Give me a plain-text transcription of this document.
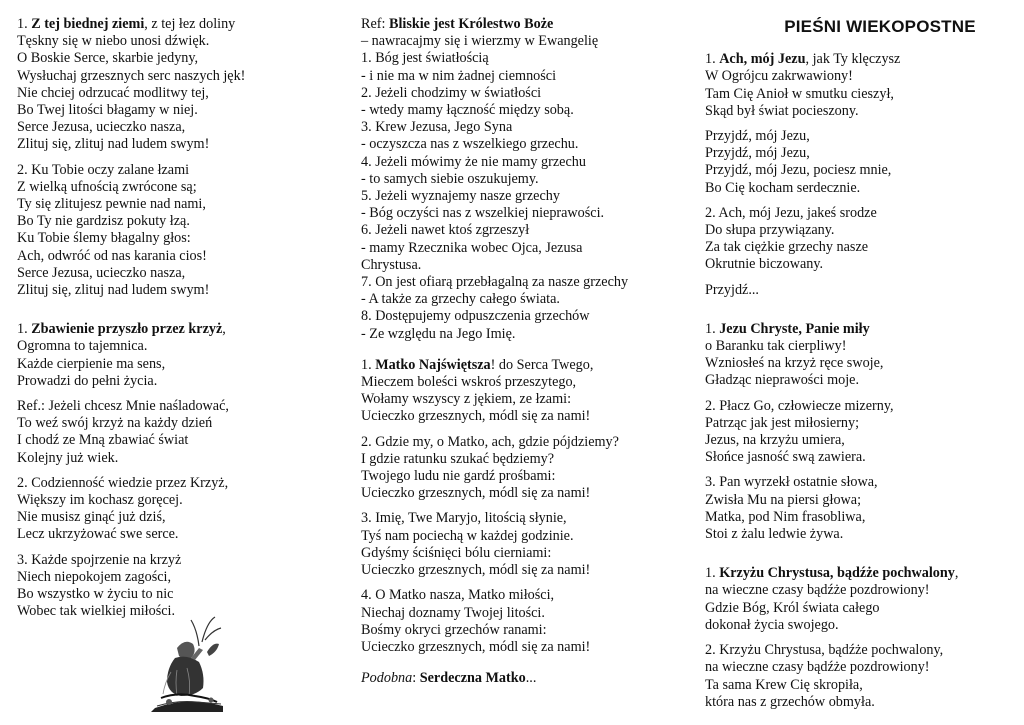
1. Z tej biednej ziemi, z tej łez doliny
Tęskny się w niebo unosi dźwięk.
O Boskie Serce, skarbie jedyny,
Wysłuchaj grzesznych serc naszych jęk!
Nie chciej odrzucać modlitwy tej,
Bo Twej litości błagamy w niej.
Serce Jezusa, ucieczko nasza,
Zlituj się, zlituj nad ludem swym!
2. Ku Tobie oczy zalane łzami
Z wielką ufnością zwrócone są;
Ty się zlitujesz pewnie nad nami,
Bo Ty nie gardzisz pokuty łzą.
Ku Tobie ślemy błagalny głos:
Ach, odwróć od nas karania cios!
Serce Jezusa, ucieczko nasza,
Zlituj się, zlituj nad ludem swym!
1. Zbawienie przyszło przez krzyż,
Ogromna to tajemnica.
Każde cierpienie ma sens,
Prowadzi do pełni życia.
Ref.: Jeżeli chcesz Mnie naśladować,
To weź swój krzyż na każdy dzień
I chodź ze Mną zbawiać świat
Kolejny już wiek.
2. Codzienność wiedzie przez Krzyż,
Większy im kochasz goręcej.
Nie musisz ginąć już dziś,
Lecz ukrzyżować swe serce.
3. Każde spojrzenie na krzyż
Niech niepokojem zagości,
Bo wszystko w życiu to nic
Wobec tak wielkiej miłości.
Ref: Bliskie jest Królestwo Boże
– nawracajmy się i wierzmy w Ewangelię
1. Bóg jest światłością
- i nie ma w nim żadnej ciemności
2. Jeżeli chodzimy w światłości
- wtedy mamy łączność między sobą.
3. Krew Jezusa, Jego Syna
- oczyszcza nas z wszelkiego grzechu.
4. Jeżeli mówimy że nie mamy grzechu
- to samych siebie oszukujemy.
5. Jeżeli wyznajemy nasze grzechy
- Bóg oczyści nas z wszelkiej nieprawości.
6. Jeżeli nawet ktoś zgrzeszył
- mamy Rzecznika wobec Ojca, Jezusa
Chrystusa.
7. On jest ofiarą przebłagalną za nasze grzechy
- A także za grzechy całego świata.
8. Dostępujemy odpuszczenia grzechów
- Ze względu na Jego Imię.
1. Matko Najświętsza! do Serca Twego,
Mieczem boleści wskroś przeszytego,
Wołamy wszyscy z jękiem, ze łzami:
Ucieczko grzesznych, módl się za nami!
2. Gdzie my, o Matko, ach, gdzie pójdziemy?
I gdzie ratunku szukać będziemy?
Twojego ludu nie gardź prośbami:
Ucieczko grzesznych, módl się za nami!
3. Imię, Twe Maryjo, litością słynie,
Tyś nam pociechą w każdej godzinie.
Gdyśmy ściśnięci bólu cierniami:
Ucieczko grzesznych, módl się za nami!
4. O Matko nasza, Matko miłości,
Niechaj doznamy Twojej litości.
Bośmy okryci grzechów ranami:
Ucieczko grzesznych, módl się za nami!
Podobna: Serdeczna Matko...
PIEŚNI WIEKOPOSTNE
1. Ach, mój Jezu, jak Ty klęczysz
W Ogrójcu zakrwawiony!
Tam Cię Anioł w smutku cieszył,
Skąd był świat pocieszony.
Przyjdź, mój Jezu,
Przyjdź, mój Jezu,
Przyjdź, mój Jezu, pociesz mnie,
Bo Cię kocham serdecznie.
2. Ach, mój Jezu, jakeś srodze
Do słupa przywiązany.
Za tak ciężkie grzechy nasze
Okrutnie biczowany.
Przyjdź...
1. Jezu Chryste, Panie miły
o Baranku tak cierpliwy!
Wzniosłeś na krzyż ręce swoje,
Gładząc nieprawości moje.
2. Płacz Go, człowiecze mizerny,
Patrząc jak jest miłosierny;
Jezus, na krzyżu umiera,
Słońce jasność swą zawiera.
3. Pan wyrzekł ostatnie słowa,
Zwisła Mu na piersi głowa;
Matka, pod Nim frasobliwa,
Stoi z żalu ledwie żywa.
1. Krzyżu Chrystusa, bądźże pochwalony,
na wieczne czasy bądźże pozdrowiony!
Gdzie Bóg, Król świata całego
dokonał życia swojego.
2. Krzyżu Chrystusa, bądźże pochwalony,
na wieczne czasy bądźże pozdrowiony!
Ta sama Krew Cię skropiła,
która nas z grzechów obmyła.
